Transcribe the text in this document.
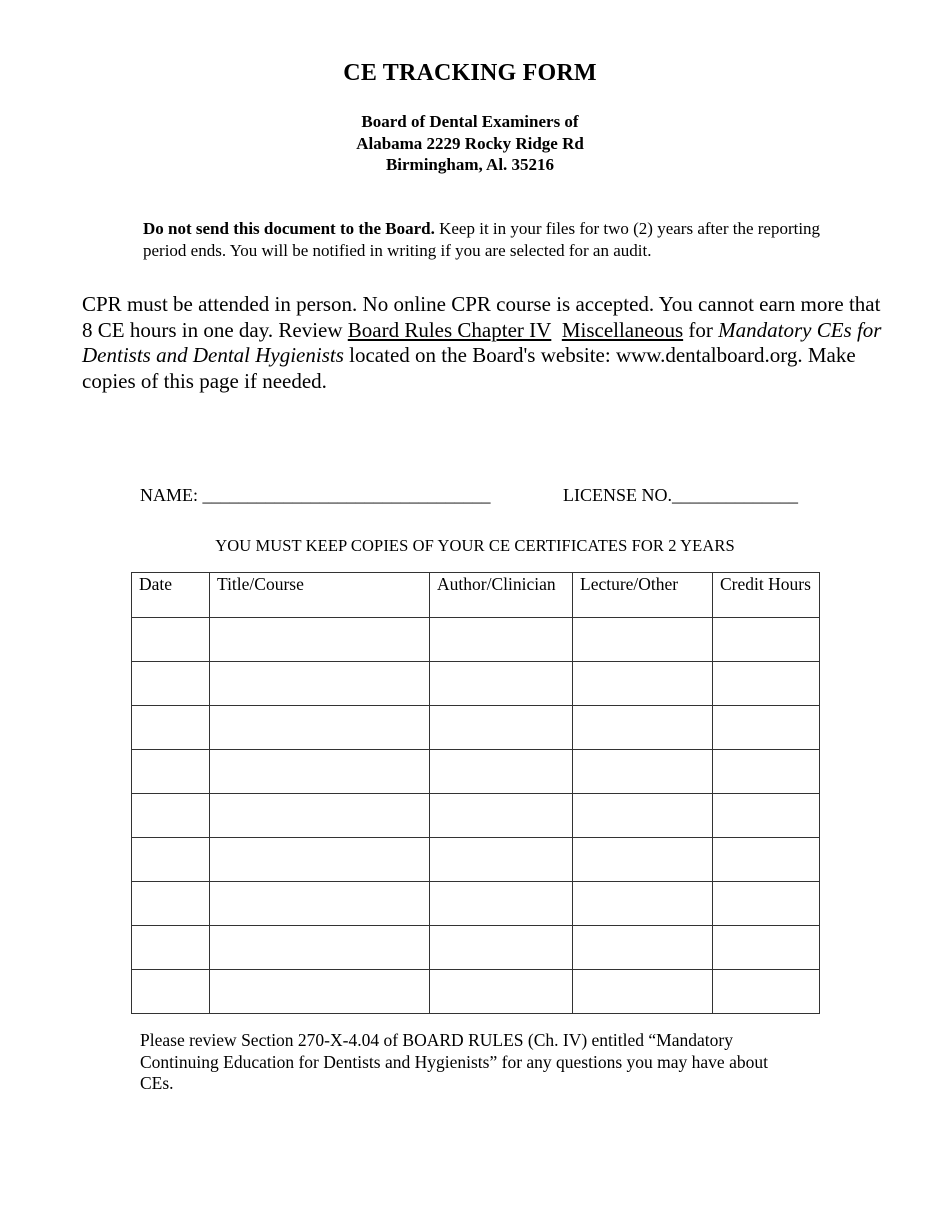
CE TRACKING FORM
Board of Dental Examiners of
Alabama 2229 Rocky Ridge Rd
Birmingham, Al. 35216
Do not send this document to the Board. Keep it in your files for two (2) years after the reporting period ends. You will be notified in writing if you are selected for an audit.
CPR must be attended in person. No online CPR course is accepted. You cannot earn more that 8 CE hours in one day. Review Board Rules Chapter IV Miscellaneous for Mandatory CEs for Dentists and Dental Hygienists located on the Board's website: www.dentalboard.org. Make copies of this page if needed.
NAME: ________________________________	LICENSE NO.______________
YOU MUST KEEP COPIES OF YOUR CE CERTIFICATES FOR 2 YEARS
Date	Title/Course	Author/Clinician	Lecture/Other	Credit Hours

Please review Section 270-X-4.04 of BOARD RULES (Ch. IV) entitled “Mandatory Continuing Education for Dentists and Hygienists” for any questions you may have about CEs.
